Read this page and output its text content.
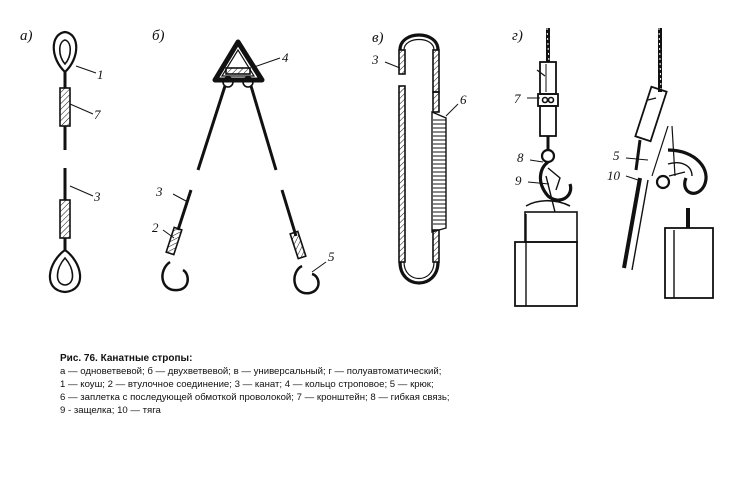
а)
1
7
3
б)
4
3
2
5
в)
3
6
г)
7
8
9
5
10
Рис. 76. Канатные стропы:
а — одноветвевой; б — двухветвевой; в — универсальный; г — полуавтоматический;
1 — коуш; 2 — втулочное соединение; 3 — канат; 4 — кольцо строповое; 5 — крюк;
6 — заплетка с последующей обмоткой проволокой; 7 — кронштейн; 8 — гибкая связь;
9 - защелка; 10 — тяга
